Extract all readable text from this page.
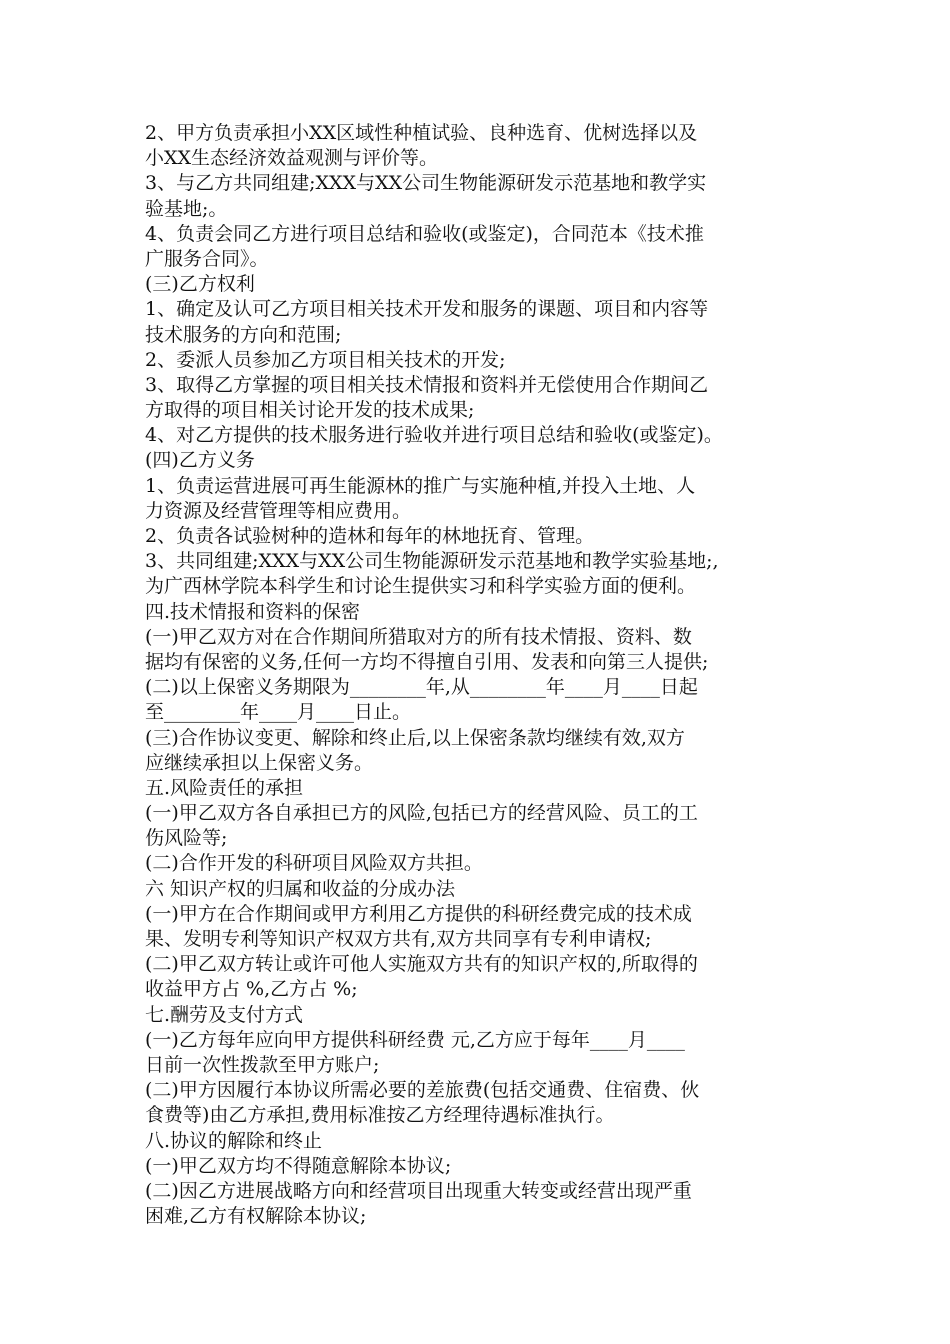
2、甲方负责承担小XX区域性种植试验、良种选育、优树选择以及
小XX生态经济效益观测与评价等。
3、与乙方共同组建;XXX与XX公司生物能源研发示范基地和教学实
验基地;。
4、负责会同乙方进行项目总结和验收(或鉴定)，合同范本《技术推
广服务合同》。
(三)乙方权利
1、确定及认可乙方项目相关技术开发和服务的课题、项目和内容等
技术服务的方向和范围;
2、委派人员参加乙方项目相关技术的开发;
3、取得乙方掌握的项目相关技术情报和资料并无偿使用合作期间乙
方取得的项目相关讨论开发的技术成果;
4、对乙方提供的技术服务进行验收并进行项目总结和验收(或鉴定)。
(四)乙方义务
1、负责运营进展可再生能源林的推广与实施种植,并投入土地、人
力资源及经营管理等相应费用。
2、负责各试验树种的造林和每年的林地抚育、管理。
3、共同组建;XXX与XX公司生物能源研发示范基地和教学实验基地;,
为广西林学院本科学生和讨论生提供实习和科学实验方面的便利。
四.技术情报和资料的保密
(一)甲乙双方对在合作期间所猎取对方的所有技术情报、资料、数
据均有保密的义务,任何一方均不得擅自引用、发表和向第三人提供;
(二)以上保密义务期限为________年,从________年____月____日起
至________年____月____日止。
(三)合作协议变更、解除和终止后,以上保密条款均继续有效,双方
应继续承担以上保密义务。
五.风险责任的承担
(一)甲乙双方各自承担已方的风险,包括已方的经营风险、员工的工
伤风险等;
(二)合作开发的科研项目风险双方共担。
六 知识产权的归属和收益的分成办法
(一)甲方在合作期间或甲方利用乙方提供的科研经费完成的技术成
果、发明专利等知识产权双方共有,双方共同享有专利申请权;
(二)甲乙双方转让或许可他人实施双方共有的知识产权的,所取得的
收益甲方占 %,乙方占 %;
七.酬劳及支付方式
(一)乙方每年应向甲方提供科研经费 元,乙方应于每年____月____
日前一次性拨款至甲方账户;
(二)甲方因履行本协议所需必要的差旅费(包括交通费、住宿费、伙
食费等)由乙方承担,费用标准按乙方经理待遇标准执行。
八.协议的解除和终止
(一)甲乙双方均不得随意解除本协议;
(二)因乙方进展战略方向和经营项目出现重大转变或经营出现严重
困难,乙方有权解除本协议;
